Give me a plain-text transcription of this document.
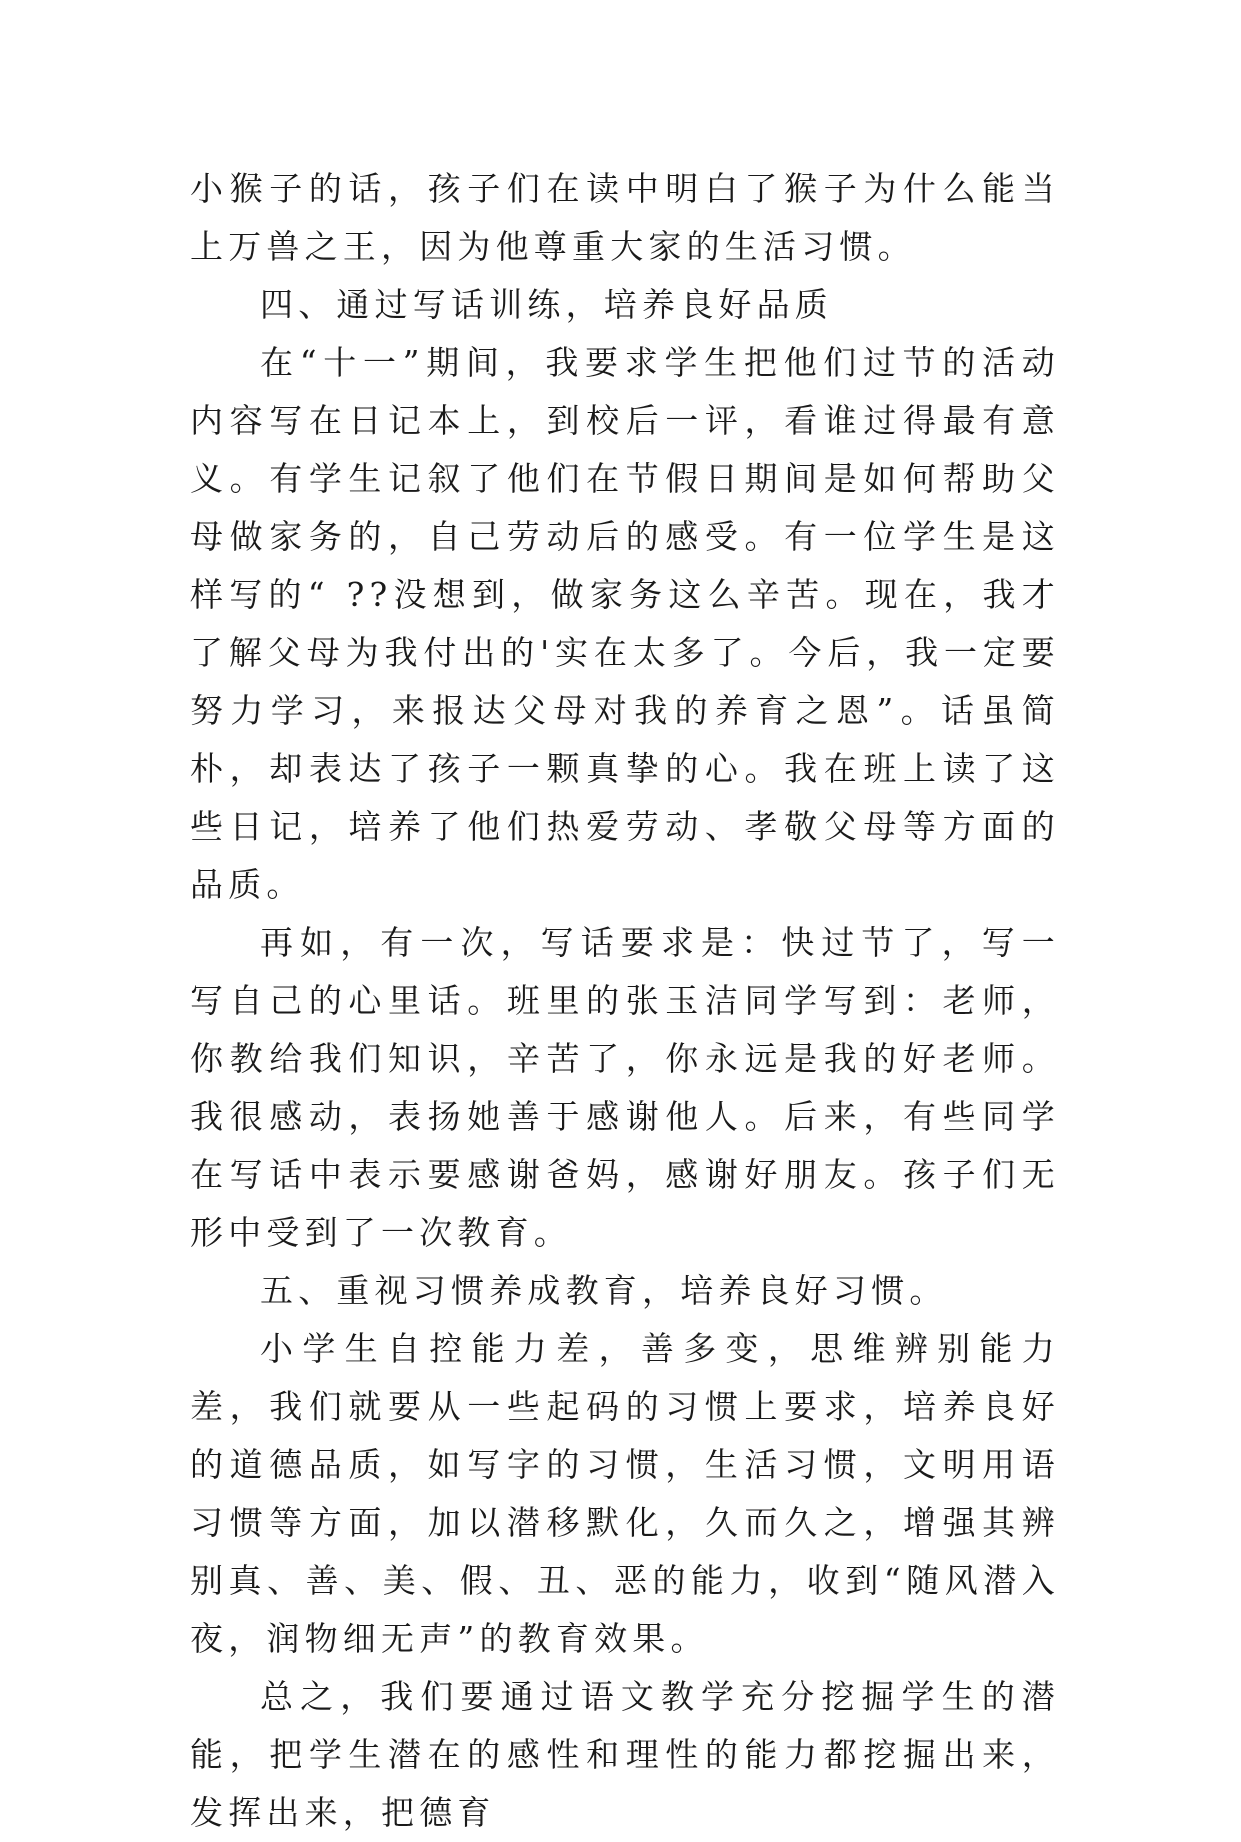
小猴子的话，孩子们在读中明白了猴子为什么能当上万兽之王，因为他尊重大家的生活习惯。

四、通过写话训练，培养良好品质

在“十一”期间，我要求学生把他们过节的活动内容写在日记本上，到校后一评，看谁过得最有意义。有学生记叙了他们在节假日期间是如何帮助父母做家务的，自己劳动后的感受。有一位学生是这样写的“ ??没想到，做家务这么辛苦。现在，我才了解父母为我付出的'实在太多了。今后，我一定要努力学习，来报达父母对我的养育之恩”。话虽简朴，却表达了孩子一颗真挚的心。我在班上读了这些日记，培养了他们热爱劳动、孝敬父母等方面的品质。

再如，有一次，写话要求是：快过节了，写一写自己的心里话。班里的张玉洁同学写到：老师，你教给我们知识，辛苦了，你永远是我的好老师。我很感动，表扬她善于感谢他人。后来，有些同学在写话中表示要感谢爸妈，感谢好朋友。孩子们无形中受到了一次教育。

五、重视习惯养成教育，培养良好习惯。

小学生自控能力差，善多变，思维辨别能力差，我们就要从一些起码的习惯上要求，培养良好的道德品质，如写字的习惯，生活习惯，文明用语习惯等方面，加以潜移默化，久而久之，增强其辨别真、善、美、假、丑、恶的能力，收到“随风潜入夜，润物细无声”的教育效果。

总之，我们要通过语文教学充分挖掘学生的潜能，把学生潜在的感性和理性的能力都挖掘出来，发挥出来，把德育
